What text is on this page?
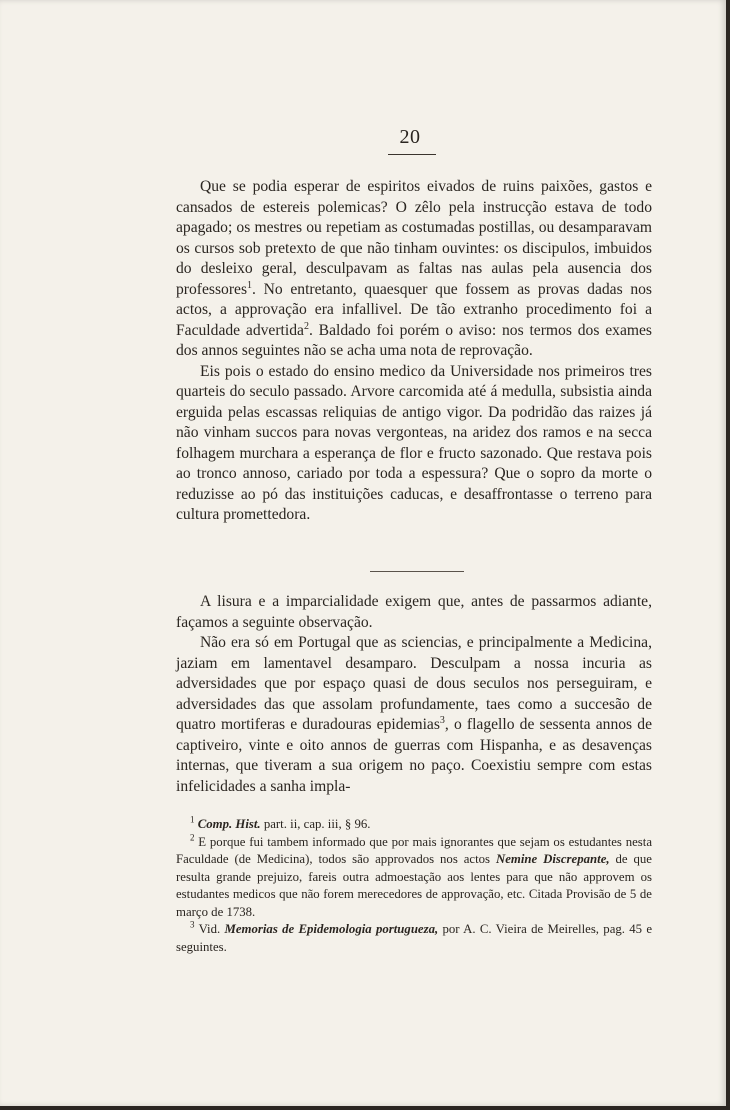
20

Que se podia esperar de espiritos eivados de ruins paixões, gastos e cansados de estereis polemicas? O zêlo pela instrucção estava de todo apagado; os mestres ou repetiam as costumadas postillas, ou desamparavam os cursos sob pretexto de que não tinham ouvintes: os discipulos, imbuidos do desleixo geral, desculpavam as faltas nas aulas pela ausencia dos professores$^1$. No entretanto, quaesquer que fossem as provas dadas nos actos, a approvação era infallivel. De tão extranho procedimento foi a Faculdade advertida$^2$. Baldado foi porém o aviso: nos termos dos exames dos annos seguintes não se acha uma nota de reprovação.

Eis pois o estado do ensino medico da Universidade nos primeiros tres quarteis do seculo passado. Arvore carcomida até á medulla, subsistia ainda erguida pelas escassas reliquias de antigo vigor. Da podridão das raizes já não vinham succos para novas vergonteas, na aridez dos ramos e na secca folhagem murchara a esperança de flor e fructo sazonado. Que restava pois ao tronco annoso, cariado por toda a espessura? Que o sopro da morte o reduzisse ao pó das instituições caducas, e desaffrontasse o terreno para cultura promettedora.

A lisura e a imparcialidade exigem que, antes de passarmos adiante, façamos a seguinte observação.

Não era só em Portugal que as sciencias, e principalmente a Medicina, jaziam em lamentavel desamparo. Desculpam a nossa incuria as adversidades que por espaço quasi de dous seculos nos perseguiram, e adversidades das que assolam profundamente, taes como a succesão de quatro mortiferas e duradouras epidemias$^3$, o flagello de sessenta annos de captiveiro, vinte e oito annos de guerras com Hispanha, e as desavenças internas, que tiveram a sua origem no paço. Coexistiu sempre com estas infelicidades a sanha impla-

$^1$ Comp. Hist. part. ii, cap. iii, § 96.

$^2$ E porque fui tambem informado que por mais ignorantes que sejam os estudantes nesta Faculdade (de Medicina), todos são approvados nos actos Nemine Discrepante, de que resulta grande prejuizo, fareis outra admoestação aos lentes para que não approvem os estudantes medicos que não forem merecedores de approvação, etc. Citada Provisão de 5 de março de 1738.

$^3$ Vid. Memorias de Epidemologia portugueza, por A. C. Vieira de Meirelles, pag. 45 e seguintes.
